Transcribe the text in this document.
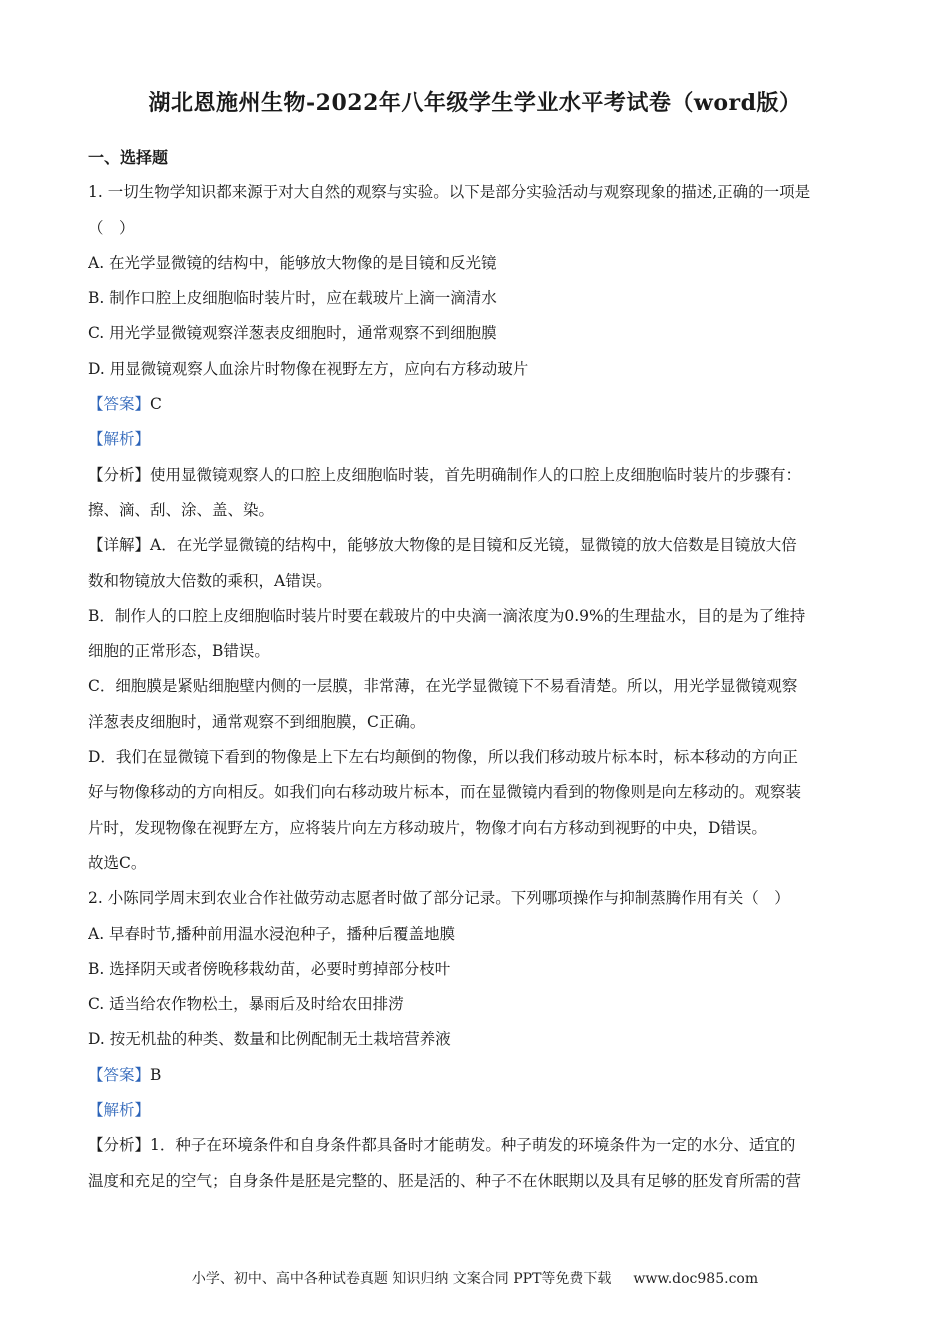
湖北恩施州生物-2022年八年级学生学业水平考试卷（word版）
一、选择题
1. 一切生物学知识都来源于对大自然的观察与实验。以下是部分实验活动与观察现象的描述,正确的一项是
（　）
A. 在光学显微镜的结构中，能够放大物像的是目镜和反光镜
B. 制作口腔上皮细胞临时装片时，应在载玻片上滴一滴清水
C. 用光学显微镜观察洋葱表皮细胞时，通常观察不到细胞膜
D. 用显微镜观察人血涂片时物像在视野左方，应向右方移动玻片
【答案】C
【解析】
【分析】使用显微镜观察人的口腔上皮细胞临时装，首先明确制作人的口腔上皮细胞临时装片的步骤有：
擦、滴、刮、涂、盖、染。
【详解】A．在光学显微镜的结构中，能够放大物像的是目镜和反光镜，显微镜的放大倍数是目镜放大倍
数和物镜放大倍数的乘积，A错误。
B．制作人的口腔上皮细胞临时装片时要在载玻片的中央滴一滴浓度为0.9%的生理盐水，目的是为了维持
细胞的正常形态，B错误。
C．细胞膜是紧贴细胞壁内侧的一层膜，非常薄，在光学显微镜下不易看清楚。所以，用光学显微镜观察
洋葱表皮细胞时，通常观察不到细胞膜，C正确。
D．我们在显微镜下看到的物像是上下左右均颠倒的物像，所以我们移动玻片标本时，标本移动的方向正
好与物像移动的方向相反。如我们向右移动玻片标本，而在显微镜内看到的物像则是向左移动的。观察装
片时，发现物像在视野左方，应将装片向左方移动玻片，物像才向右方移动到视野的中央，D错误。
故选C。
2. 小陈同学周末到农业合作社做劳动志愿者时做了部分记录。下列哪项操作与抑制蒸腾作用有关（　）
A. 早春时节,播种前用温水浸泡种子，播种后覆盖地膜
B. 选择阴天或者傍晚移栽幼苗，必要时剪掉部分枝叶
C. 适当给农作物松土，暴雨后及时给农田排涝
D. 按无机盐的种类、数量和比例配制无土栽培营养液
【答案】B
【解析】
【分析】1．种子在环境条件和自身条件都具备时才能萌发。种子萌发的环境条件为一定的水分、适宜的
温度和充足的空气；自身条件是胚是完整的、胚是活的、种子不在休眠期以及具有足够的胚发育所需的营
小学、初中、高中各种试卷真题 知识归纳 文案合同 PPT等免费下载 www.doc985.com
